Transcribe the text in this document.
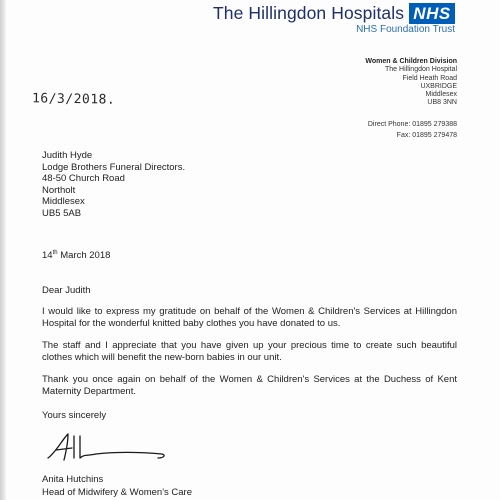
The Hillingdon Hospitals NHS
NHS Foundation Trust
Women & Children Division
The Hillingdon Hospital
Field Heath Road
UXBRIDGE
Middlesex
UB8 3NN
Direct Phone: 01895 279388
Fax: 01895 279478
16/3/2018.
Judith Hyde
Lodge Brothers Funeral Directors.
48-50 Church Road
Northolt
Middlesex
UB5 5AB
14th March 2018
Dear Judith
I would like to express my gratitude on behalf of the Women & Children's Services at Hillingdon Hospital for the wonderful knitted baby clothes you have donated to us.
The staff and I appreciate that you have given up your precious time to create such beautiful clothes which will benefit the new-born babies in our unit.
Thank you once again on behalf of the Women & Children's Services at the Duchess of Kent Maternity Department.
Yours sincerely
Anita Hutchins
Head of Midwifery & Women's Care
